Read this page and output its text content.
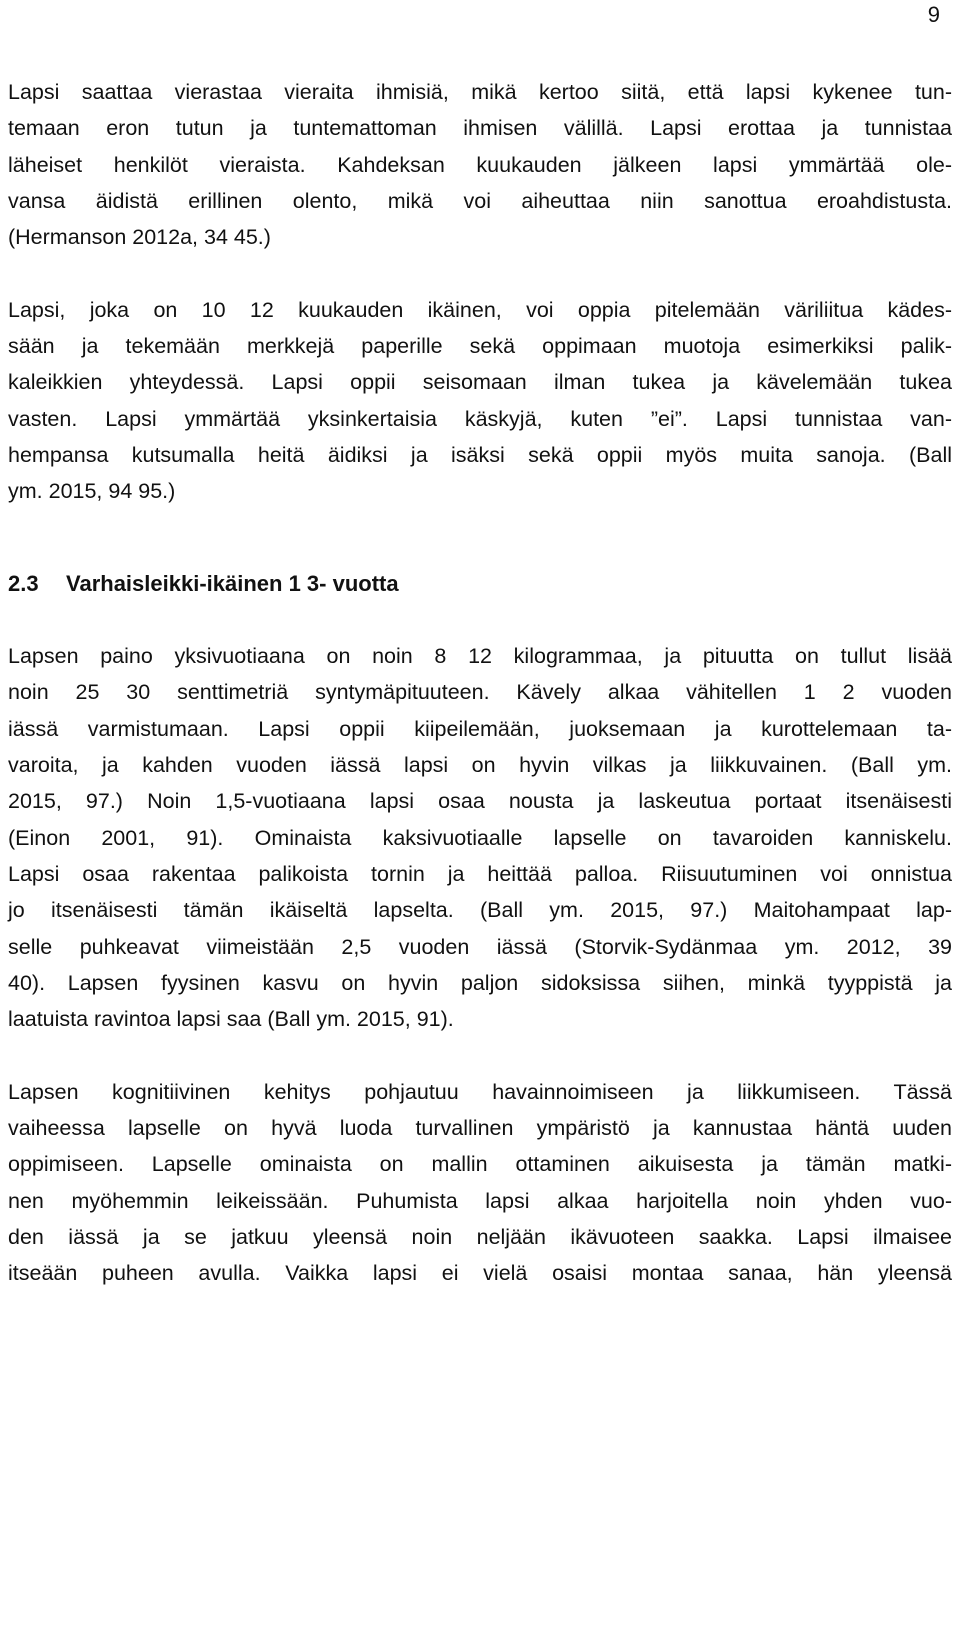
9
Lapsi saattaa vierastaa vieraita ihmisiä, mikä kertoo siitä, että lapsi kykenee tun-
temaan eron tutun ja tuntemattoman ihmisen välillä. Lapsi erottaa ja tunnistaa
läheiset henkilöt vieraista. Kahdeksan kuukauden jälkeen lapsi ymmärtää ole-
vansa äidistä erillinen olento, mikä voi aiheuttaa niin sanottua eroahdistusta.
(Hermanson 2012a, 34 45.)
Lapsi, joka on 10 12 kuukauden ikäinen, voi oppia pitelemään väriliitua kädes-
sään ja tekemään merkkejä paperille sekä oppimaan muotoja esimerkiksi palik-
kaleikkien yhteydessä. Lapsi oppii seisomaan ilman tukea ja kävelemään tukea
vasten. Lapsi ymmärtää yksinkertaisia käskyjä, kuten ”ei”. Lapsi tunnistaa van-
hempansa kutsumalla heitä äidiksi ja isäksi sekä oppii myös muita sanoja. (Ball
ym. 2015, 94 95.)
2.3 Varhaisleikki-ikäinen 1 3- vuotta
Lapsen paino yksivuotiaana on noin 8 12 kilogrammaa, ja pituutta on tullut lisää
noin 25 30 senttimetriä syntymäpituuteen. Kävely alkaa vähitellen 1 2 vuoden
iässä varmistumaan. Lapsi oppii kiipeilemään, juoksemaan ja kurottelemaan ta-
varoita, ja kahden vuoden iässä lapsi on hyvin vilkas ja liikkuvainen. (Ball ym.
2015, 97.) Noin 1,5-vuotiaana lapsi osaa nousta ja laskeutua portaat itsenäisesti
(Einon 2001, 91). Ominaista kaksivuotiaalle lapselle on tavaroiden kanniskelu.
Lapsi osaa rakentaa palikoista tornin ja heittää palloa. Riisuutuminen voi onnistua
jo itsenäisesti tämän ikäiseltä lapselta. (Ball ym. 2015, 97.) Maitohampaat lap-
selle puhkeavat viimeistään 2,5 vuoden iässä (Storvik-Sydänmaa ym. 2012, 39
40). Lapsen fyysinen kasvu on hyvin paljon sidoksissa siihen, minkä tyyppistä ja
laatuista ravintoa lapsi saa (Ball ym. 2015, 91).
Lapsen kognitiivinen kehitys pohjautuu havainnoimiseen ja liikkumiseen. Tässä
vaiheessa lapselle on hyvä luoda turvallinen ympäristö ja kannustaa häntä uuden
oppimiseen. Lapselle ominaista on mallin ottaminen aikuisesta ja tämän matki-
nen myöhemmin leikeissään. Puhumista lapsi alkaa harjoitella noin yhden vuo-
den iässä ja se jatkuu yleensä noin neljään ikävuoteen saakka. Lapsi ilmaisee
itseään puheen avulla. Vaikka lapsi ei vielä osaisi montaa sanaa, hän yleensä
